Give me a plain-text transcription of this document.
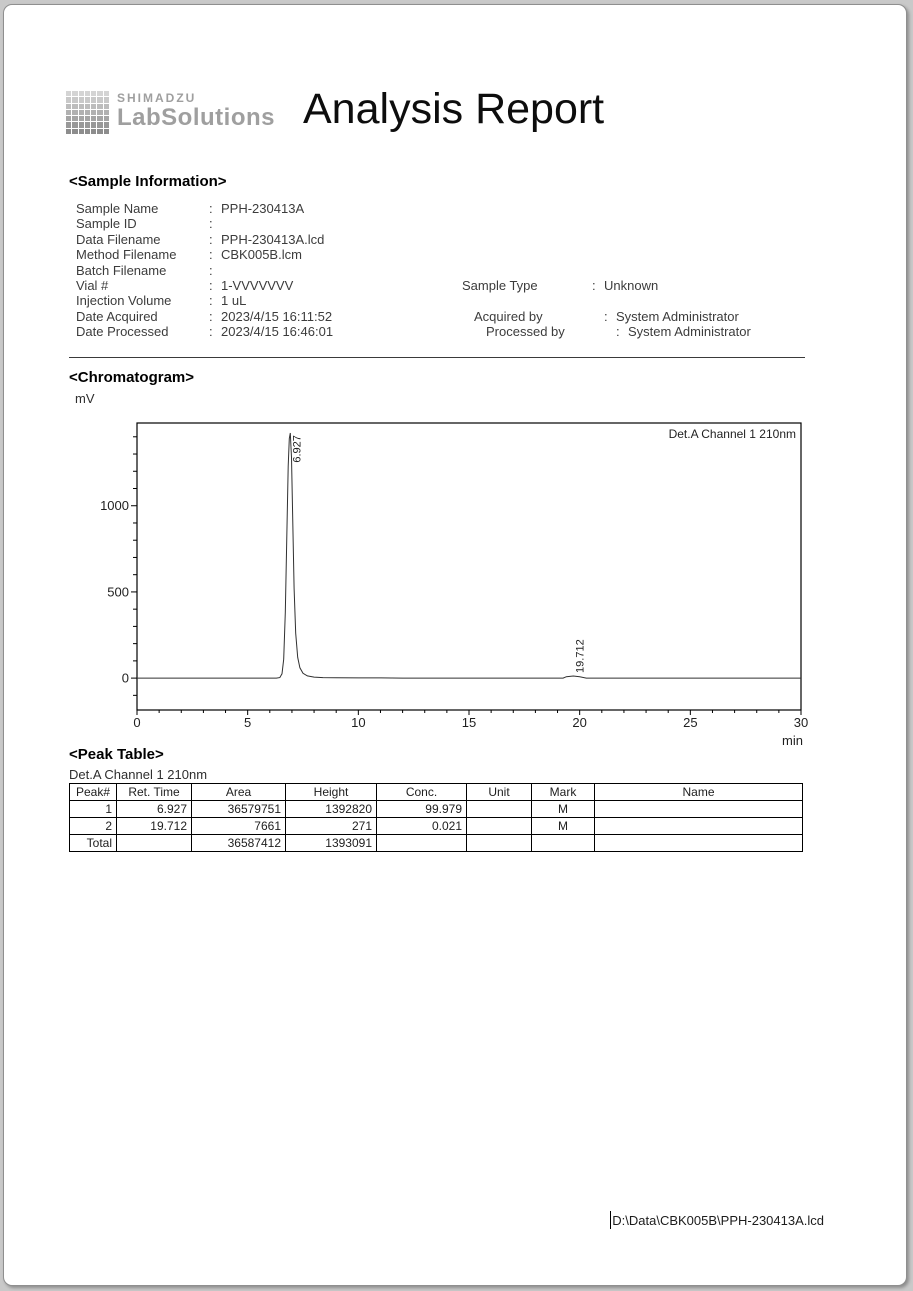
SHIMADZU
LabSolutions Analysis Report
<Sample Information>
Sample Name	: PPH-230413A
Sample ID	:
Data Filename	: PPH-230413A.lcd
Method Filename	: CBK005B.lcm
Batch Filename	:
Vial #	: 1-VVVVVVV
Injection Volume	: 1 uL
Date Acquired	: 2023/4/15 16:11:52
Date Processed	: 2023/4/15 16:46:01
Sample Type	: Unknown
Acquired by	: System Administrator
Processed by	: System Administrator
<Chromatogram>
mV
0	5	10	15	20	25	30
min
0
500
1000
Det.A Channel 1 210nm
6.927
19.712
<Peak Table>
Det.A Channel 1 210nm
Peak#	Ret. Time	Area	Height	Conc.	Unit	Mark	Name
1	6.927	36579751	1392820	99.979		M	
2	19.712	7661	271	0.021		M	
Total		36587412	1393091				
D:\Data\CBK005B\PPH-230413A.lcd
